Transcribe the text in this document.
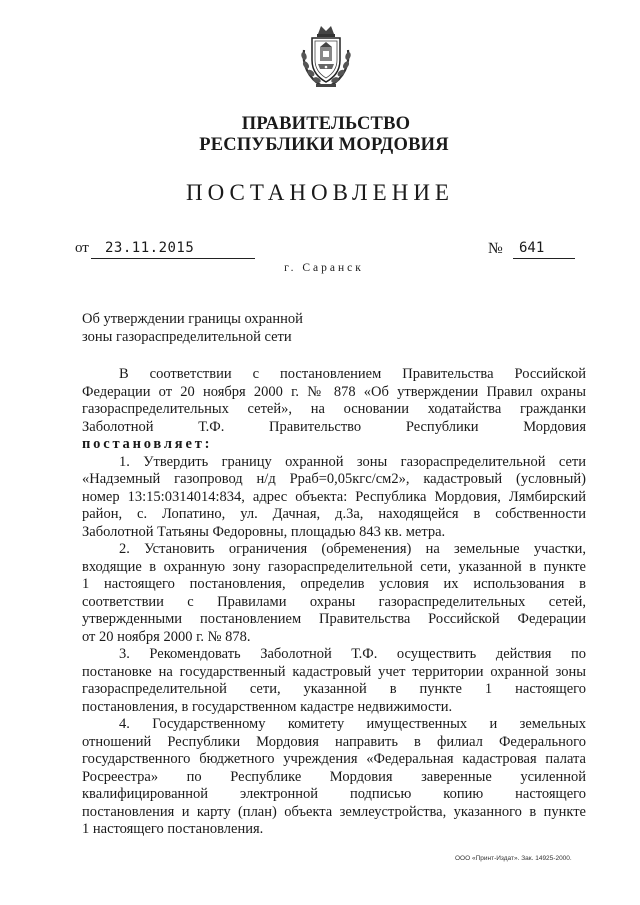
ПРАВИТЕЛЬСТВО
РЕСПУБЛИКИ МОРДОВИЯ
ПОСТАНОВЛЕНИЕ
от	23.11.2015	№	641
г. Саранск
Об утверждении границы охранной
зоны газораспределительной сети

В соответствии с постановлением Правительства Российской

Федерации от 20 ноября 2000 г. № 878 «Об утверждении Правил охраны

газораспределительных сетей», на основании ходатайства гражданки

Заболотной Т.Ф. Правительство Республики Мордовия

постановляет:

1. Утвердить границу охранной зоны газораспределительной сети

«Надземный газопровод н/д Рраб=0,05кгс/см2», кадастровый (условный)

номер 13:15:0314014:834, адрес объекта: Республика Мордовия, Лямбирский

район, с. Лопатино, ул. Дачная, д.3а, находящейся в собственности

Заболотной Татьяны Федоровны, площадью 843 кв. метра.

2. Установить ограничения (обременения) на земельные участки,

входящие в охранную зону газораспределительной сети, указанной в пункте

1 настоящего постановления, определив условия их использования в

соответствии с Правилами охраны газораспределительных сетей,

утвержденными постановлением Правительства Российской Федерации

от 20 ноября 2000 г. № 878.

3. Рекомендовать Заболотной Т.Ф. осуществить действия по

постановке на государственный кадастровый учет территории охранной зоны

газораспределительной сети, указанной в пункте 1 настоящего

постановления, в государственном кадастре недвижимости.

4. Государственному комитету имущественных и земельных

отношений Республики Мордовия направить в филиал Федерального

государственного бюджетного учреждения «Федеральная кадастровая палата

Росреестра» по Республике Мордовия заверенные усиленной

квалифицированной электронной подписью копию настоящего

постановления и карту (план) объекта землеустройства, указанного в пункте

1 настоящего постановления.

ООО «Принт-Издат». Зак. 14925-2000.
